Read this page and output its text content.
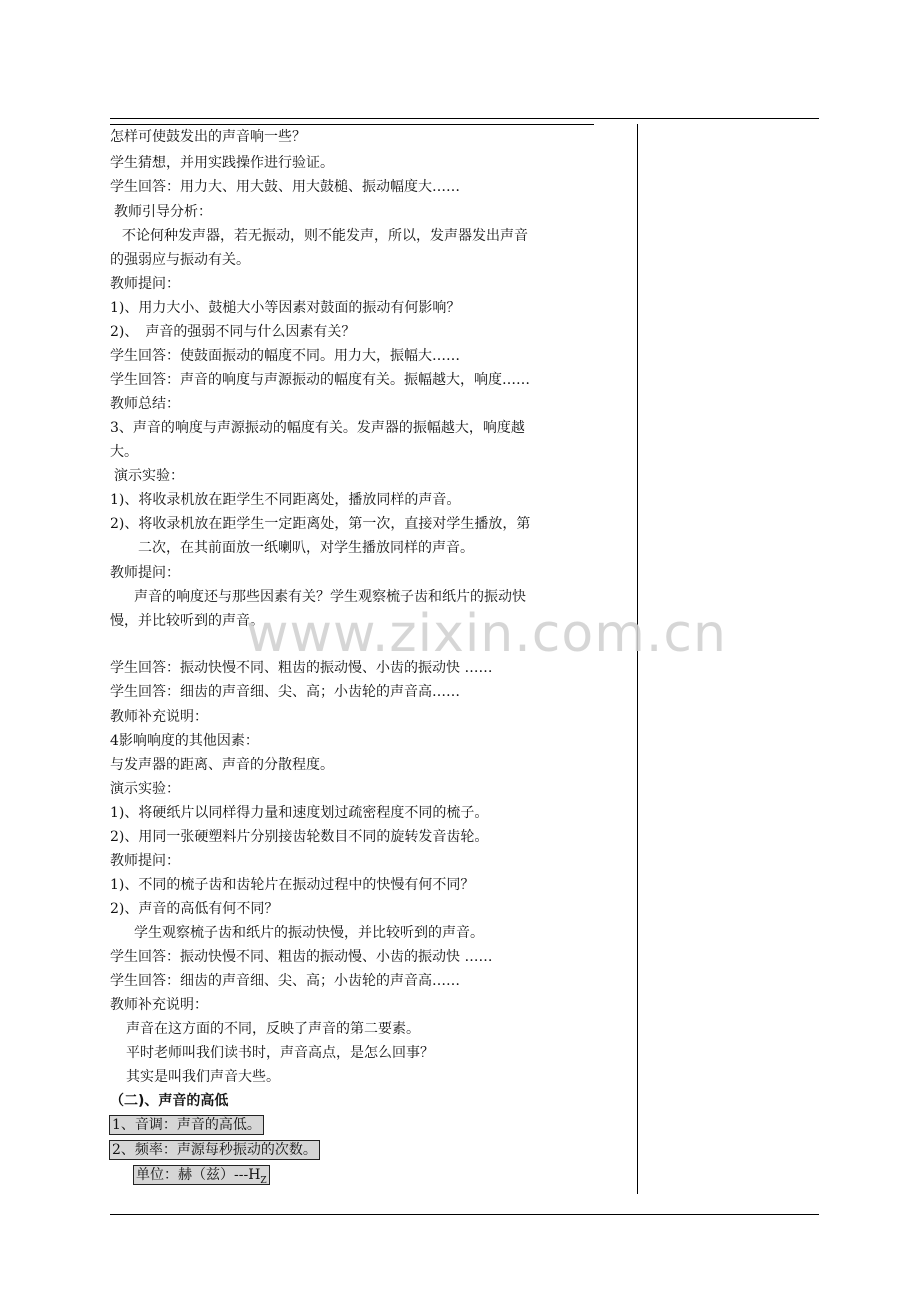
怎样可使鼓发出的声音响一些？
学生猜想，并用实践操作进行验证。
学生回答：用力大、用大鼓、用大鼓槌、振动幅度大……
教师引导分析：
不论何种发声器，若无振动，则不能发声，所以，发声器发出声音
的强弱应与振动有关。
教师提问：
1)、用力大小、鼓槌大小等因素对鼓面的振动有何影响？
2)、　声音的强弱不同与什么因素有关？
学生回答：使鼓面振动的幅度不同。用力大，振幅大……
学生回答：声音的响度与声源振动的幅度有关。振幅越大，响度……
教师总结：
3、声音的响度与声源振动的幅度有关。发声器的振幅越大，响度越
大。
演示实验：
1)、将收录机放在距学生不同距离处，播放同样的声音。
2)、将收录机放在距学生一定距离处，第一次，直接对学生播放，第
二次，在其前面放一纸喇叭，对学生播放同样的声音。
教师提问：
声音的响度还与那些因素有关？学生观察梳子齿和纸片的振动快
慢，并比较听到的声音。
学生回答：振动快慢不同、粗齿的振动慢、小齿的振动快 ……
学生回答：细齿的声音细、尖、高；小齿轮的声音高……
教师补充说明：
4影响响度的其他因素：
与发声器的距离、声音的分散程度。
演示实验：
1)、将硬纸片以同样得力量和速度划过疏密程度不同的梳子。
2)、用同一张硬塑料片分别接齿轮数目不同的旋转发音齿轮。
教师提问：
1)、不同的梳子齿和齿轮片在振动过程中的快慢有何不同？
2)、声音的高低有何不同？
学生观察梳子齿和纸片的振动快慢，并比较听到的声音。
学生回答：振动快慢不同、粗齿的振动慢、小齿的振动快 ……
学生回答：细齿的声音细、尖、高；小齿轮的声音高……
教师补充说明：
声音在这方面的不同，反映了声音的第二要素。
平时老师叫我们读书时，声音高点，是怎么回事？
其实是叫我们声音大些。
（二)、声音的高低
1、音调：声音的高低。
2、频率：声源每秒振动的次数。
单位：赫（兹）$---H_Z$
www.zixin.com.cn
